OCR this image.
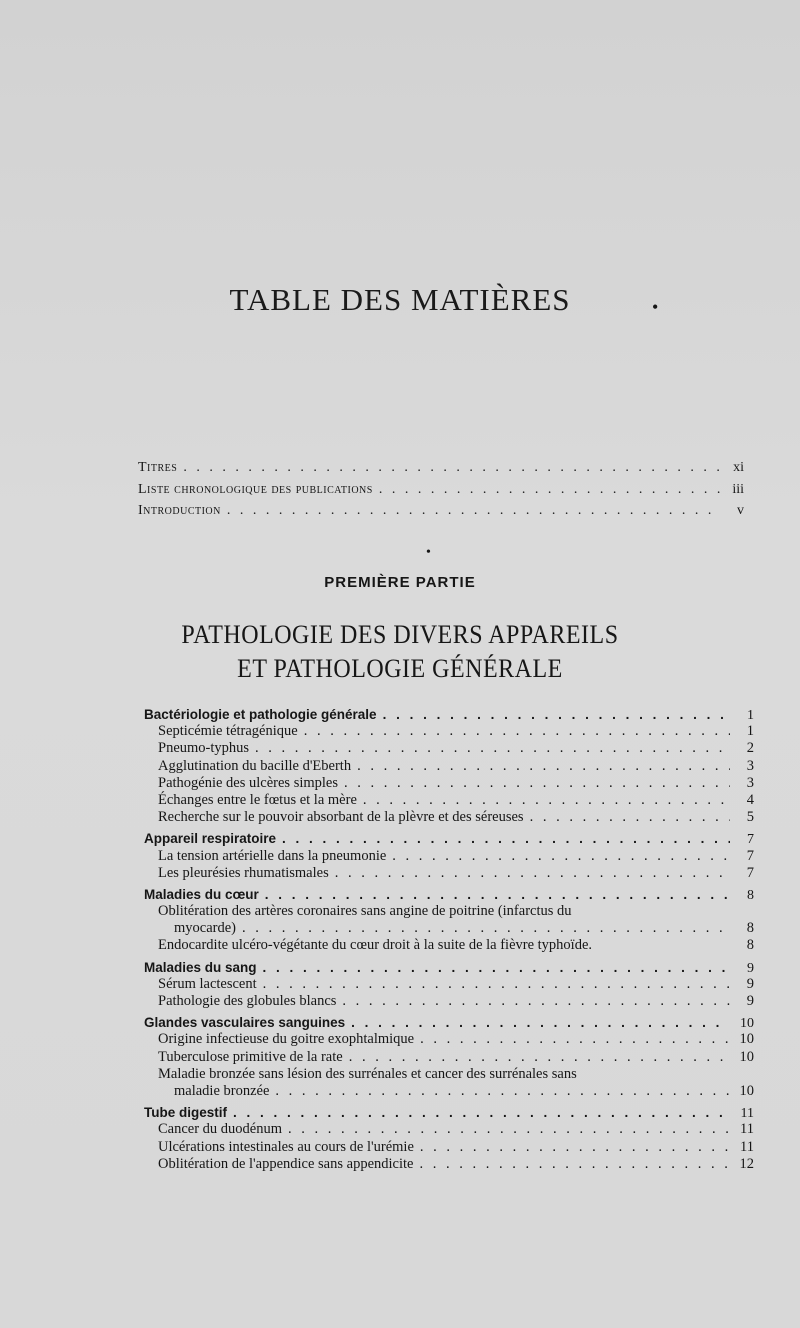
TABLE DES MATIÈRES	•
Titres . . .	xi
Liste chronologique des publications . . .	iii
Introduction . . .	v
•
PREMIÈRE PARTIE
PATHOLOGIE DES DIVERS APPAREILS
ET PATHOLOGIE GÉNÉRALE
Bactériologie et pathologie générale . . .	1
Septicémie tétragénique . . .	1
Pneumo-typhus . . .	2
Agglutination du bacille d'Eberth . . .	3
Pathogénie des ulcères simples . . .	3
Échanges entre le fœtus et la mère . . .	4
Recherche sur le pouvoir absorbant de la plèvre et des séreuses . . .	5
Appareil respiratoire . . .	7
La tension artérielle dans la pneumonie . . .	7
Les pleurésies rhumatismales . . .	7
Maladies du cœur . . .	8
Oblitération des artères coronaires sans angine de poitrine (infarctus du
myocarde) . . .	8
Endocardite ulcéro-végétante du cœur droit à la suite de la fièvre typhoïde.	8
Maladies du sang . . .	9
Sérum lactescent . . .	9
Pathologie des globules blancs . . .	9
Glandes vasculaires sanguines . . .	10
Origine infectieuse du goitre exophtalmique . . .	10
Tuberculose primitive de la rate . . .	10
Maladie bronzée sans lésion des surrénales et cancer des surrénales sans
maladie bronzée . . .	10
Tube digestif . . .	11
Cancer du duodénum . . .	11
Ulcérations intestinales au cours de l'urémie . . .	11
Oblitération de l'appendice sans appendicite . . .	12
